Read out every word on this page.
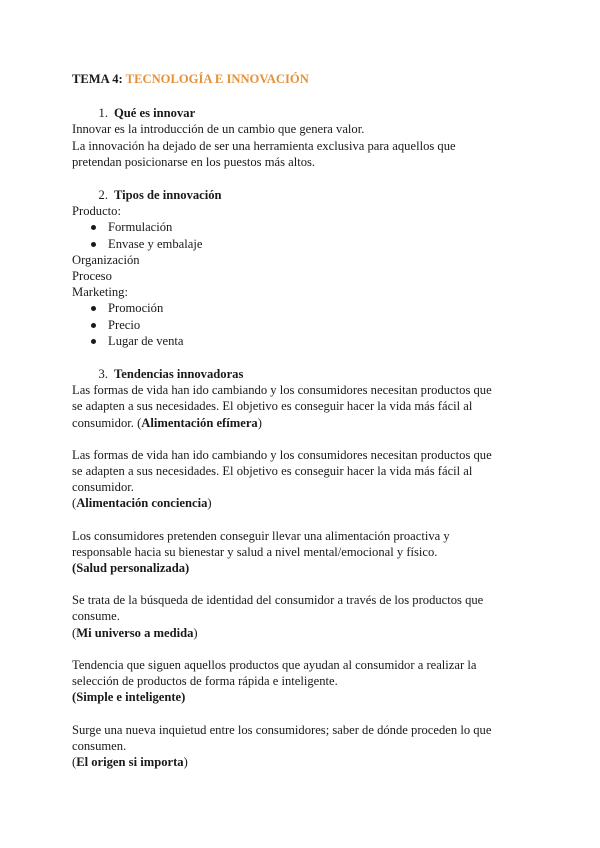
TEMA 4: TECNOLOGÍA E INNOVACIÓN

1. Qué es innovar

Innovar es la introducción de un cambio que genera valor.

La innovación ha dejado de ser una herramienta exclusiva para aquellos que

pretendan posicionarse en los puestos más altos.

2. Tipos de innovación

Producto:

Formulación
Envase y embalaje

Organización

Proceso

Marketing:

Promoción
Precio
Lugar de venta

3. Tendencias innovadoras

Las formas de vida han ido cambiando y los consumidores necesitan productos que

se adapten a sus necesidades. El objetivo es conseguir hacer la vida más fácil al

consumidor. (Alimentación efímera)

Las formas de vida han ido cambiando y los consumidores necesitan productos que

se adapten a sus necesidades. El objetivo es conseguir hacer la vida más fácil al

consumidor.

(Alimentación conciencia)

Los consumidores pretenden conseguir llevar una alimentación proactiva y

responsable hacia su bienestar y salud a nivel mental/emocional y físico.

(Salud personalizada)

Se trata de la búsqueda de identidad del consumidor a través de los productos que

consume.

(Mi universo a medida)

Tendencia que siguen aquellos productos que ayudan al consumidor a realizar la

selección de productos de forma rápida e inteligente.

(Simple e inteligente)

Surge una nueva inquietud entre los consumidores; saber de dónde proceden lo que

consumen.

(El origen si importa)
